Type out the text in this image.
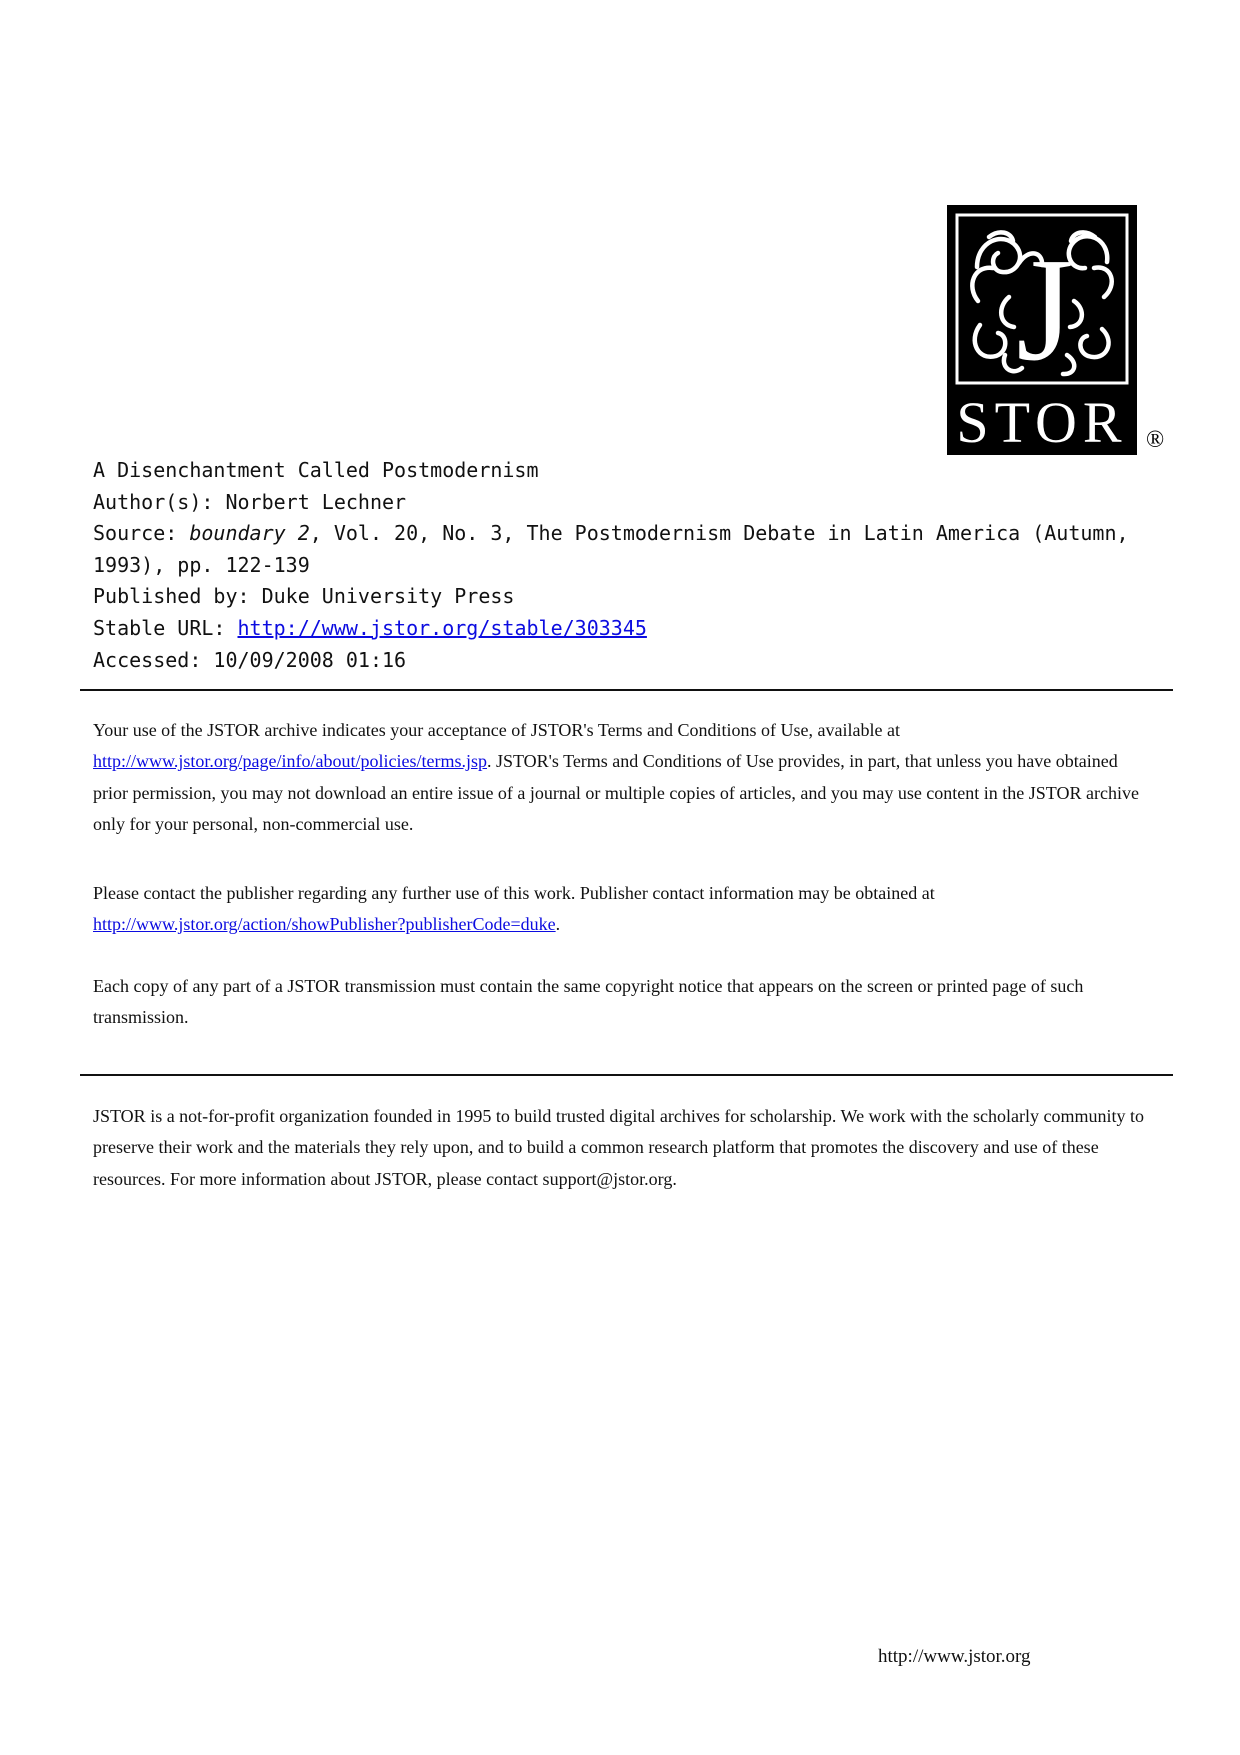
J
STOR ®
A Disenchantment Called Postmodernism
Author(s): Norbert Lechner
Source: boundary 2, Vol. 20, No. 3, The Postmodernism Debate in Latin America (Autumn, 1993), pp. 122-139
Published by: Duke University Press
Stable URL: http://www.jstor.org/stable/303345
Accessed: 10/09/2008 01:16
Your use of the JSTOR archive indicates your acceptance of JSTOR's Terms and Conditions of Use, available at http://www.jstor.org/page/info/about/policies/terms.jsp. JSTOR's Terms and Conditions of Use provides, in part, that unless you have obtained prior permission, you may not download an entire issue of a journal or multiple copies of articles, and you may use content in the JSTOR archive only for your personal, non-commercial use.
Please contact the publisher regarding any further use of this work. Publisher contact information may be obtained at http://www.jstor.org/action/showPublisher?publisherCode=duke.
Each copy of any part of a JSTOR transmission must contain the same copyright notice that appears on the screen or printed page of such transmission.
JSTOR is a not-for-profit organization founded in 1995 to build trusted digital archives for scholarship. We work with the scholarly community to preserve their work and the materials they rely upon, and to build a common research platform that promotes the discovery and use of these resources. For more information about JSTOR, please contact support@jstor.org.
http://www.jstor.org
